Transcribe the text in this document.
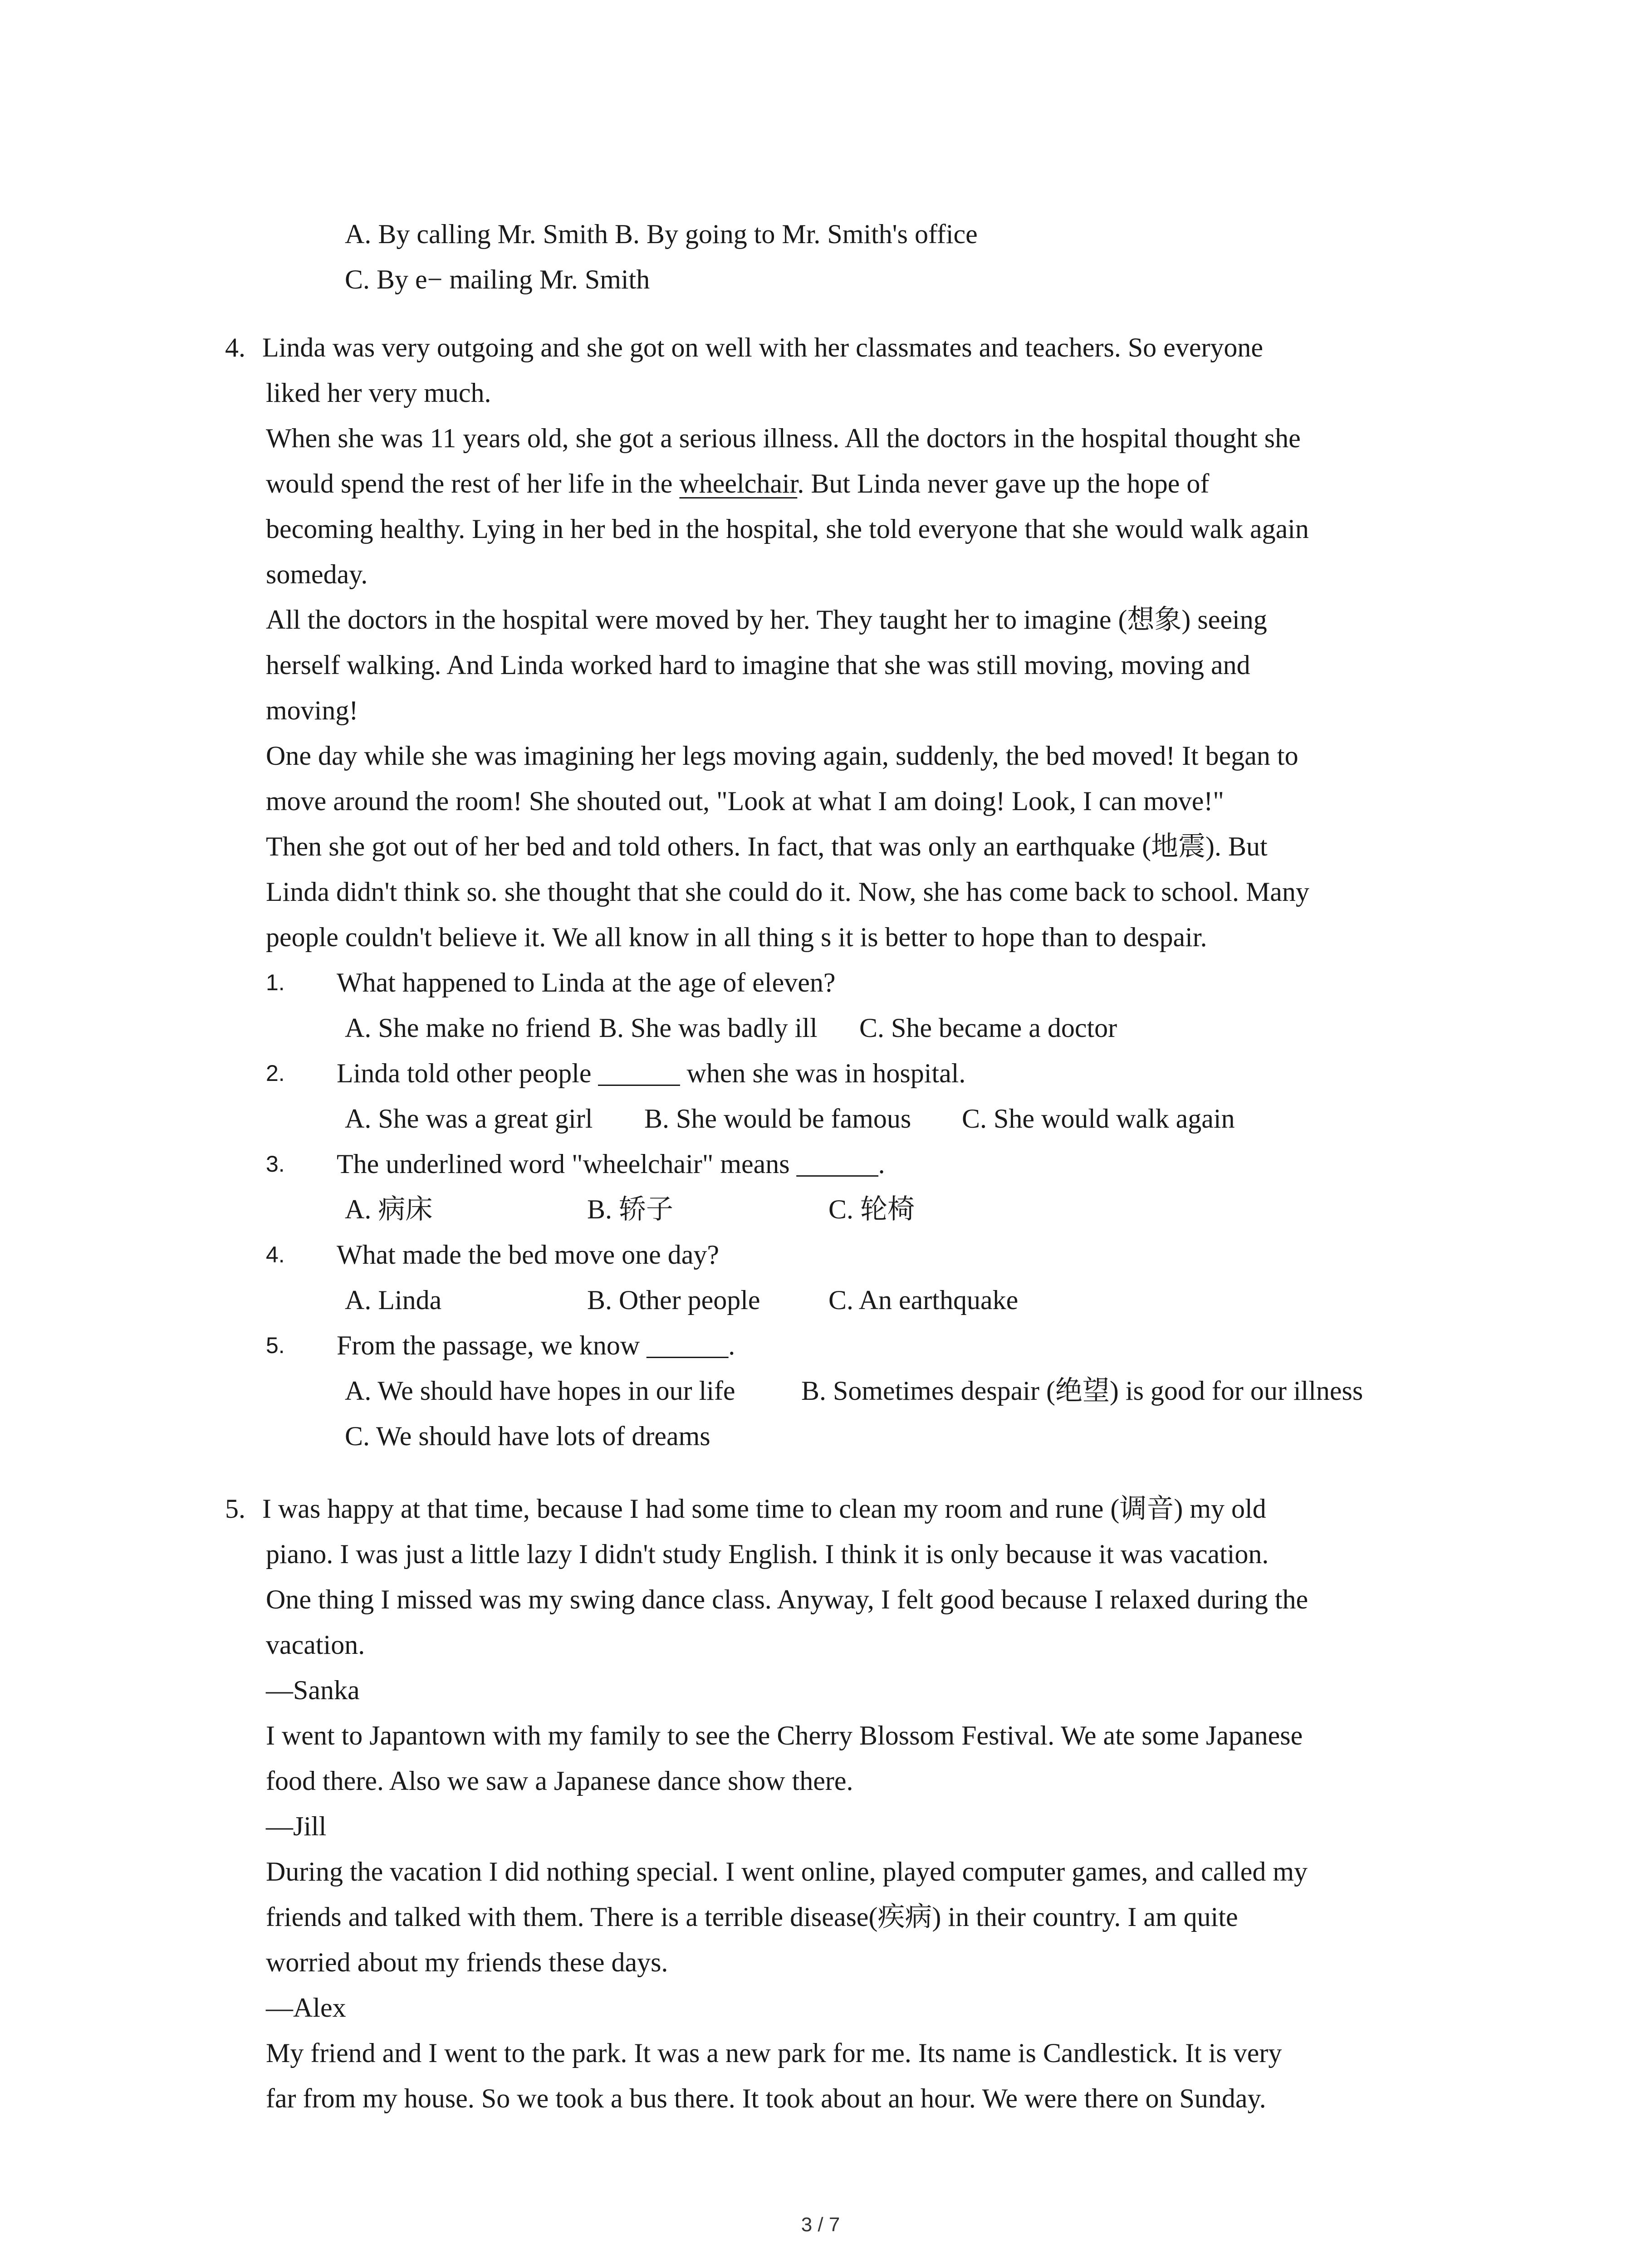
A. By calling Mr. Smith B. By going to Mr. Smith's office
C. By e− mailing Mr. Smith
4. Linda was very outgoing and she got on well with her classmates and teachers. So everyone
liked her very much.
When she was 11 years old, she got a serious illness. All the doctors in the hospital thought she
would spend the rest of her life in the wheelchair. But Linda never gave up the hope of
becoming healthy. Lying in her bed in the hospital, she told everyone that she would walk again
someday.
All the doctors in the hospital were moved by her. They taught her to imagine (想象) seeing
herself walking. And Linda worked hard to imagine that she was still moving, moving and
moving!
One day while she was imagining her legs moving again, suddenly, the bed moved! It began to
move around the room! She shouted out, "Look at what I am doing! Look, I can move!"
Then she got out of her bed and told others. In fact, that was only an earthquake (地震). But
Linda didn't think so. she thought that she could do it. Now, she has come back to school. Many
people couldn't believe it. We all know in all thing s it is better to hope than to despair.
1. What happened to Linda at the age of eleven?
A. She make no friend B. She was badly ill C. She became a doctor
2. Linda told other people ______ when she was in hospital.
A. She was a great girl B. She would be famous C. She would walk again
3. The underlined word "wheelchair" means ______.
A. 病床	B. 轿子	C. 轮椅
4. What made the bed move one day?
A. Linda	B. Other people	C. An earthquake
5. From the passage, we know ______.
A. We should have hopes in our life B. Sometimes despair (绝望) is good for our illness
C. We should have lots of dreams
5. I was happy at that time, because I had some time to clean my room and rune (调音) my old
piano. I was just a little lazy I didn't study English. I think it is only because it was vacation.
One thing I missed was my swing dance class. Anyway, I felt good because I relaxed during the
vacation.
—Sanka
I went to Japantown with my family to see the Cherry Blossom Festival. We ate some Japanese
food there. Also we saw a Japanese dance show there.
—Jill
During the vacation I did nothing special. I went online, played computer games, and called my
friends and talked with them. There is a terrible disease(疾病) in their country. I am quite
worried about my friends these days.
—Alex
My friend and I went to the park. It was a new park for me. Its name is Candlestick. It is very
far from my house. So we took a bus there. It took about an hour. We were there on Sunday.
3 / 7
